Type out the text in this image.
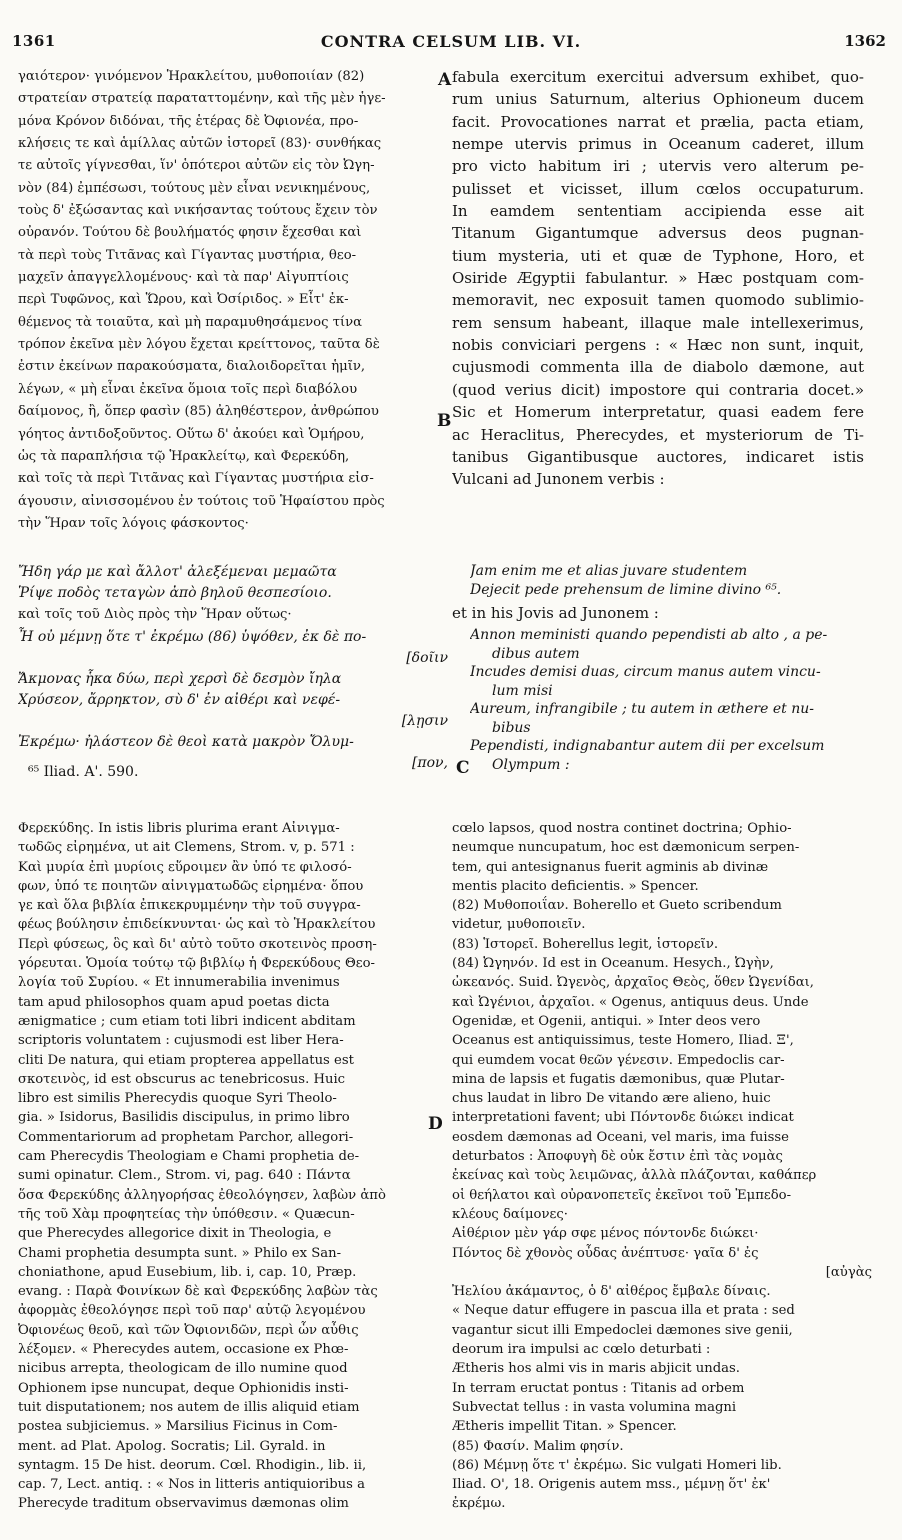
1361	CONTRA CELSUM LIB. VI.	1362
A
B
C
D
γαιότερον· γινόμενον Ἡρακλείτου, μυθοποιίαν (82)
στρατείαν στρατείᾳ παραταττομένην, καὶ τῆς μὲν ἡγε-
μόνα Κρόνον διδόναι, τῆς ἑτέρας δὲ Ὀφιονέα, προ-
κλήσεις τε καὶ ἁμίλλας αὐτῶν ἱστορεῖ (83)· συνθήκας
τε αὐτοῖς γίγνεσθαι, ἵν' ὁπότεροι αὐτῶν εἰς τὸν Ὠγη-
νὸν (84) ἐμπέσωσι, τούτους μὲν εἶναι νενικημένους,
τοὺς δ' ἐξώσαντας καὶ νικήσαντας τούτους ἔχειν τὸν
οὐρανόν. Τούτου δὲ βουλήματός φησιν ἔχεσθαι καὶ
τὰ περὶ τοὺς Τιτᾶνας καὶ Γίγαντας μυστήρια, θεο-
μαχεῖν ἀπαγγελλομένους· καὶ τὰ παρ' Αἰγυπτίοις
περὶ Τυφῶνος, καὶ Ὥρου, καὶ Ὀσίριδος. » Εἶτ' ἐκ-
θέμενος τὰ τοιαῦτα, καὶ μὴ παραμυθησάμενος τίνα
τρόπον ἐκεῖνα μὲν λόγου ἔχεται κρείττονος, ταῦτα δὲ
ἐστιν ἐκείνων παρακούσματα, διαλοιδορεῖται ἡμῖν,
λέγων, « μὴ εἶναι ἐκεῖνα ὅμοια τοῖς περὶ διαβόλου
δαίμονος, ἢ, ὅπερ φασὶν (85) ἀληθέστερον, ἀνθρώπου
γόητος ἀντιδοξοῦντος. Οὕτω δ' ἀκούει καὶ Ὁμήρου,
ὡς τὰ παραπλήσια τῷ Ἡρακλείτῳ, καὶ Φερεκύδη,
καὶ τοῖς τὰ περὶ Τιτᾶνας καὶ Γίγαντας μυστήρια εἰσ-
άγουσιν, αἰνισσομένου ἐν τούτοις τοῦ Ἡφαίστου πρὸς
τὴν Ἥραν τοῖς λόγοις φάσκοντος·
fabula exercitum exercitui adversum exhibet, quo-
rum unius Saturnum, alterius Ophioneum ducem
facit. Provocationes narrat et prælia, pacta etiam,
nempe utervis primus in Oceanum caderet, illum
pro victo habitum iri ; utervis vero alterum pe-
pulisset et vicisset, illum cœlos occupaturum.
In eamdem sententiam accipienda esse ait
Titanum Gigantumque adversus deos pugnan-
tium mysteria, uti et quæ de Typhone, Horo, et
Osiride Ægyptii fabulantur. » Hæc postquam com-
memoravit, nec exposuit tamen quomodo sublimio-
rem sensum habeant, illaque male intellexerimus,
nobis conviciari pergens : « Hæc non sunt, inquit,
cujusmodi commenta illa de diabolo dæmone, aut
(quod verius dicit) impostore qui contraria docet.»
Sic et Homerum interpretatur, quasi eadem fere
ac Heraclitus, Pherecydes, et mysteriorum de Ti-
tanibus Gigantibusque auctores, indicaret istis
Vulcani ad Junonem verbis :
Ἤδη γάρ με καὶ ἄλλοτ' ἀλεξέμεναι μεμαῶτα
Ῥίψε ποδὸς τεταγὼν ἀπὸ βηλοῦ θεσπεσίοιο.
καὶ τοῖς τοῦ Διὸς πρὸς τὴν Ἥραν οὕτως·
Ἦ οὐ μέμνῃ ὅτε τ' ἐκρέμω (86) ὑψόθεν, ἐκ δὲ πο-
[δοῖιν
Ἄκμονας ἧκα δύω, περὶ χερσὶ δὲ δεσμὸν ἴηλα
Χρύσεον, ἄρρηκτον, σὺ δ' ἐν αἰθέρι καὶ νεφέ-
[λῃσιν
Ἐκρέμω· ἠλάστεον δὲ θεοὶ κατὰ μακρὸν Ὄλυμ-
[πον,
Jam enim me et alias juvare studentem
Dejecit pede prehensum de limine divino ⁶⁵.
et in his Jovis ad Junonem :
Annon meministi quando pependisti ab alto , a pe-
dibus autem
Incudes demisi duas, circum manus autem vincu-
lum misi
Aureum, infrangibile ; tu autem in æthere et nu-
bibus
Pependisti, indignabantur autem dii per excelsum
Olympum :
⁶⁵ Iliad. Α'. 590.
Φερεκύδης. In istis libris plurima erant Αἰνιγμα-
τωδῶς εἰρημένα, ut ait Clemens, Strom. v, p. 571 :
Καὶ μυρία ἐπὶ μυρίοις εὕροιμεν ἂν ὑπό τε φιλοσό-
φων, ὑπό τε ποιητῶν αἰνιγματωδῶς εἰρημένα· ὅπου
γε καὶ ὅλα βιβλία ἐπικεκρυμμένην τὴν τοῦ συγγρα-
φέως βούλησιν ἐπιδείκνυνται· ὡς καὶ τὸ Ἡρακλείτου
Περὶ φύσεως, ὃς καὶ δι' αὐτὸ τοῦτο σκοτεινὸς προση-
γόρευται. Ὁμοία τούτῳ τῷ βιβλίῳ ἡ Φερεκύδους Θεο-
λογία τοῦ Συρίου. « Et innumerabilia invenimus
tam apud philosophos quam apud poetas dicta
ænigmatice ; cum etiam toti libri indicent abditam
scriptoris voluntatem : cujusmodi est liber Hera-
cliti De natura, qui etiam propterea appellatus est
σκοτεινὸς, id est obscurus ac tenebricosus. Huic
libro est similis Pherecydis quoque Syri Theolo-
gia. » Isidorus, Basilidis discipulus, in primo libro
Commentariorum ad prophetam Parchor, allegori-
cam Pherecydis Theologiam e Chami prophetia de-
sumi opinatur. Clem., Strom. vi, pag. 640 : Πάντα
ὅσα Φερεκύδης ἀλληγορήσας ἐθεολόγησεν, λαβὼν ἀπὸ
τῆς τοῦ Χὰμ προφητείας τὴν ὑπόθεσιν. « Quæcun-
que Pherecydes allegorice dixit in Theologia, e
Chami prophetia desumpta sunt. » Philo ex San-
choniathone, apud Eusebium, lib. i, cap. 10, Præp.
evang. : Παρὰ Φοινίκων δὲ καὶ Φερεκύδης λαβὼν τὰς
ἀφορμὰς ἐθεολόγησε περὶ τοῦ παρ' αὐτῷ λεγομένου
Ὀφιονέως θεοῦ, καὶ τῶν Ὀφιονιδῶν, περὶ ὧν αὖθις
λέξομεν. « Pherecydes autem, occasione ex Phœ-
nicibus arrepta, theologicam de illo numine quod
Ophionem ipse nuncupat, deque Ophionidis insti-
tuit disputationem; nos autem de illis aliquid etiam
postea subjiciemus. » Marsilius Ficinus in Com-
ment. ad Plat. Apolog. Socratis; Lil. Gyrald. in
syntagm. 15 De hist. deorum. Cœl. Rhodigin., lib. ii,
cap. 7, Lect. antiq. : « Nos in litteris antiquioribus a
Pherecyde traditum observavimus dæmonas olim
cœlo lapsos, quod nostra continet doctrina; Ophio-
neumque nuncupatum, hoc est dæmonicum serpen-
tem, qui antesignanus fuerit agminis ab divinæ
mentis placito deficientis. » Spencer.
(82) Μυθοποιΐαν. Boherello et Gueto scribendum
videtur, μυθοποιεῖν.
(83) Ἱστορεῖ. Boherellus legit, ἱστορεῖν.
(84) Ὠγηνόν. Id est in Oceanum. Hesych., Ὠγὴν,
ὠκεανός. Suid. Ὠγενὸς, ἀρχαῖος Θεὸς, ὅθεν Ὠγενίδαι,
καὶ Ὠγένιοι, ἀρχαῖοι. « Ogenus, antiquus deus. Unde
Ogenidæ, et Ogenii, antiqui. » Inter deos vero
Oceanus est antiquissimus, teste Homero, Iliad. Ξ',
qui eumdem vocat θεῶν γένεσιν. Empedoclis car-
mina de lapsis et fugatis dæmonibus, quæ Plutar-
chus laudat in libro De vitando ære alieno, huic
interpretationi favent; ubi Πόντονδε διώκει indicat
eosdem dæmonas ad Oceani, vel maris, ima fuisse
deturbatos : Ἀποφυγὴ δὲ οὐκ ἔστιν ἐπὶ τὰς νομὰς
ἐκείνας καὶ τοὺς λειμῶνας, ἀλλὰ πλάζονται, καθάπερ
οἱ θεήλατοι καὶ οὐρανοπετεῖς ἐκεῖνοι τοῦ Ἐμπεδο-
κλέους δαίμονες·
Αἰθέριον μὲν γάρ σφε μένος πόντονδε διώκει·
Πόντος δὲ χθονὸς οὖδας ἀνέπτυσε· γαῖα δ' ἐς
[αὐγὰς
Ἠελίου ἀκάμαντος, ὁ δ' αἰθέρος ἔμβαλε δίναις.
« Neque datur effugere in pascua illa et prata : sed
vagantur sicut illi Empedoclei dæmones sive genii,
deorum ira impulsi ac cœlo deturbati :
Ætheris hos almi vis in maris abjicit undas.
In terram eructat pontus : Titanis ad orbem
Subvectat tellus : in vasta volumina magni
Ætheris impellit Titan. » Spencer.
(85) Φασίν. Malim φησίν.
(86) Μέμνῃ ὅτε τ' ἐκρέμω. Sic vulgati Homeri lib.
Iliad. Ο', 18. Origenis autem mss., μέμνῃ ὅτ' ἐκ'
ἐκρέμω.
